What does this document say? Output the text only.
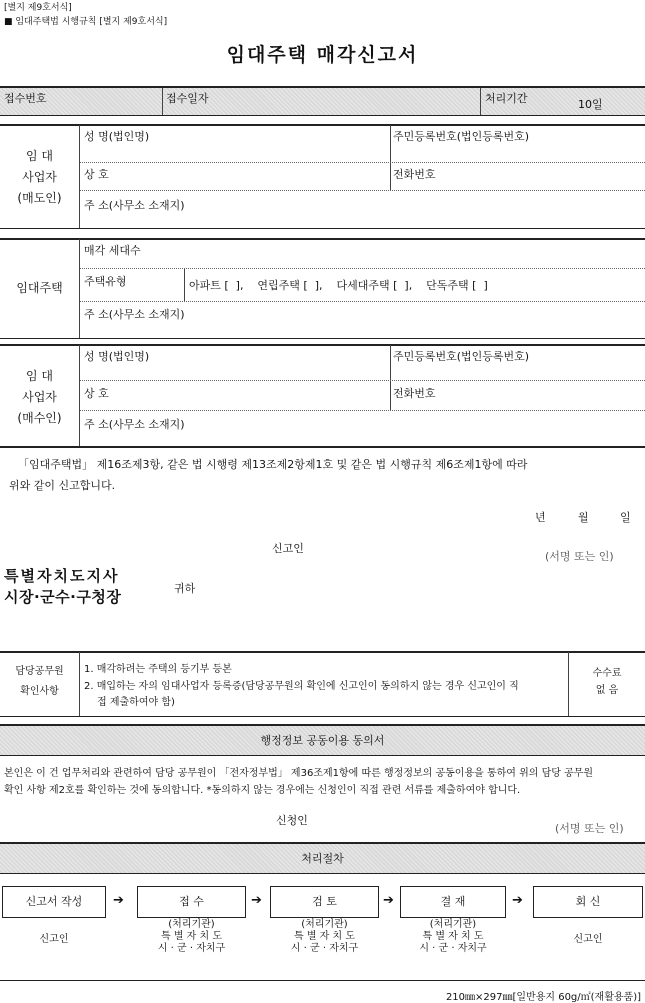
[별지 제9호서식]
■ 임대주택법 시행규칙 [별지 제9호서식]
임대주택 매각신고서
접수번호	접수일자	처리기간	10일
임 대
사업자
(매도인)
성 명(법인명)	주민등록번호(법인등록번호)
상 호	전화번호
주 소(사무소 소재지)
임대주택
매각 세대수
주택유형	아파트 [  ],    연립주택 [  ],    다세대주택 [  ],    단독주택 [  ]
주 소(사무소 소재지)
임 대
사업자
(매수인)
성 명(법인명)	주민등록번호(법인등록번호)
상 호	전화번호
주 소(사무소 소재지)
「임대주택법」 제16조제3항, 같은 법 시행령 제13조제2항제1호 및 같은 법 시행규칙 제6조제1항에 따라
위와 같이 신고합니다.
년	월	일
신고인
(서명 또는 인)
특별자치도지사
시장·군수·구청장	귀하
담당공무원
확인사항
1. 매각하려는 주택의 등기부 등본
2. 매입하는 자의 임대사업자 등록증(담당공무원의 확인에 신고인이 동의하지 않는 경우 신고인이 직
접 제출하여야 함)
수수료
없 음
행정정보 공동이용 동의서
본인은 이 건 업무처리와 관련하여 담당 공무원이 「전자정부법」 제36조제1항에 따른 행정정보의 공동이용을 통하여 위의 담당 공무원
확인 사항 제2호를 확인하는 것에 동의합니다. *동의하지 않는 경우에는 신청인이 직접 관련 서류를 제출하여야 합니다.
신청인
(서명 또는 인)
처리절차
신고서 작성	➔	접 수	➔	검 토	➔	결 재	➔	회 신
신고인
(처리기관)
특 별 자 치 도
시 · 군 · 자치구
(처리기관)
특 별 자 치 도
시 · 군 · 자치구
(처리기관)
특 별 자 치 도
시 · 군 · 자치구
신고인
210㎜×297㎜[일반용지 60g/㎡(재활용품)]
